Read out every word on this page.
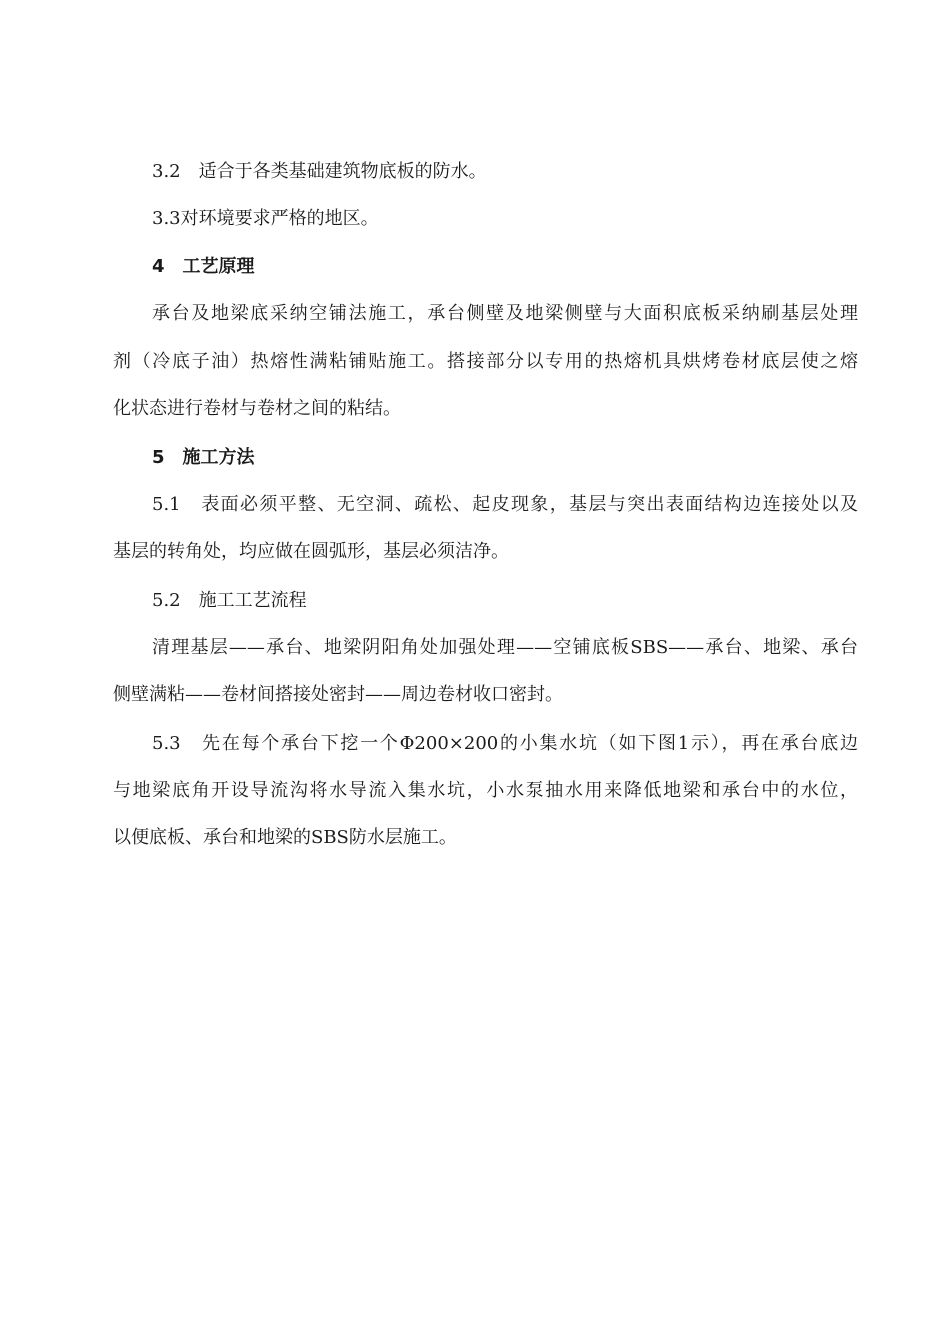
3.2　适合于各类基础建筑物底板的防水。
3.3对环境要求严格的地区。
4　工艺原理
承台及地梁底采纳空铺法施工，承台侧壁及地梁侧壁与大面积底板采纳刷基层处理
剂（冷底子油）热熔性满粘铺贴施工。搭接部分以专用的热熔机具烘烤卷材底层使之熔
化状态进行卷材与卷材之间的粘结。
5　施工方法
5.1　表面必须平整、无空洞、疏松、起皮现象，基层与突出表面结构边连接处以及
基层的转角处，均应做在圆弧形，基层必须洁净。
5.2　施工工艺流程
清理基层——承台、地梁阴阳角处加强处理——空铺底板SBS——承台、地梁、承台
侧壁满粘——卷材间搭接处密封——周边卷材收口密封。
5.3　先在每个承台下挖一个Φ200×200的小集水坑（如下图1示），再在承台底边
与地梁底角开设导流沟将水导流入集水坑，小水泵抽水用来降低地梁和承台中的水位，
以便底板、承台和地梁的SBS防水层施工。
